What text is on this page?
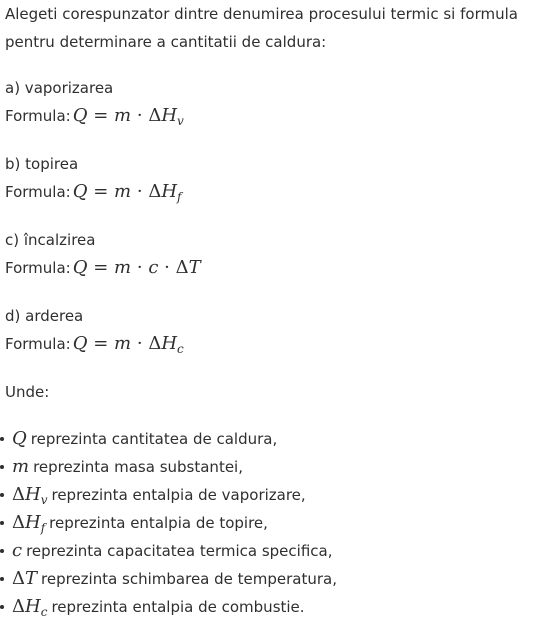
Alegeti corespunzator dintre denumirea procesului termic si formula pentru determinare a cantitatii de caldura:

a) vaporizarea
Formula: $Q = m \cdot \Delta H_v$
b) topirea
Formula: $Q = m \cdot \Delta H_f$
c) încalzirea
Formula: Q = m · c · ΔT
d) arderea
Formula: $Q = m \cdot \Delta H_c$
Unde:
Q reprezinta cantitatea de caldura,
m reprezinta masa substantei,
$\Delta H_v$ reprezinta entalpia de vaporizare,
$\Delta H_f$ reprezinta entalpia de topire,
c reprezinta capacitatea termica specifica,
ΔT reprezinta schimbarea de temperatura,
$\Delta H_c$ reprezinta entalpia de combustie.
